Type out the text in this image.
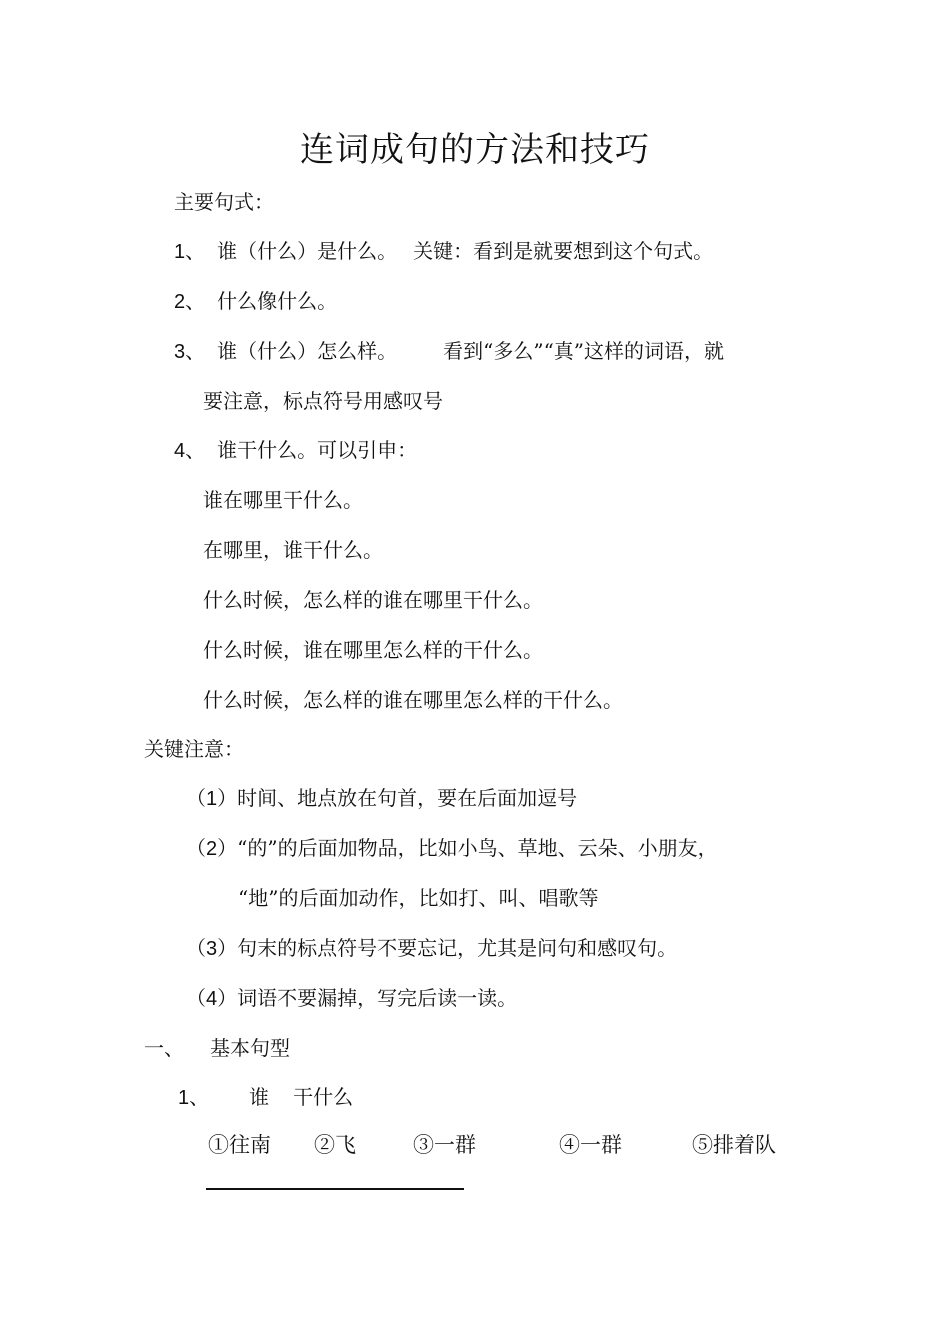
连词成句的方法和技巧
主要句式：
1、 谁（什么）是什么。 关键：看到是就要想到这个句式。
2、 什么像什么。
3、 谁（什么）怎么样。 看到“多么”“真”这样的词语，就
要注意，标点符号用感叹号
4、 谁干什么。可以引申：
谁在哪里干什么。
在哪里，谁干什么。
什么时候，怎么样的谁在哪里干什么。
什么时候，谁在哪里怎么样的干什么。
什么时候，怎么样的谁在哪里怎么样的干什么。
关键注意：
（1）时间、地点放在句首，要在后面加逗号
（2）“的”的后面加物品，比如小鸟、草地、云朵、小朋友，
“地”的后面加动作，比如打、叫、唱歌等
（3）句末的标点符号不要忘记，尤其是问句和感叹句。
（4）词语不要漏掉，写完后读一读。
一、 基本句型
1、 谁 干什么
①往南 ②飞	③一群	④一群	⑤排着队
